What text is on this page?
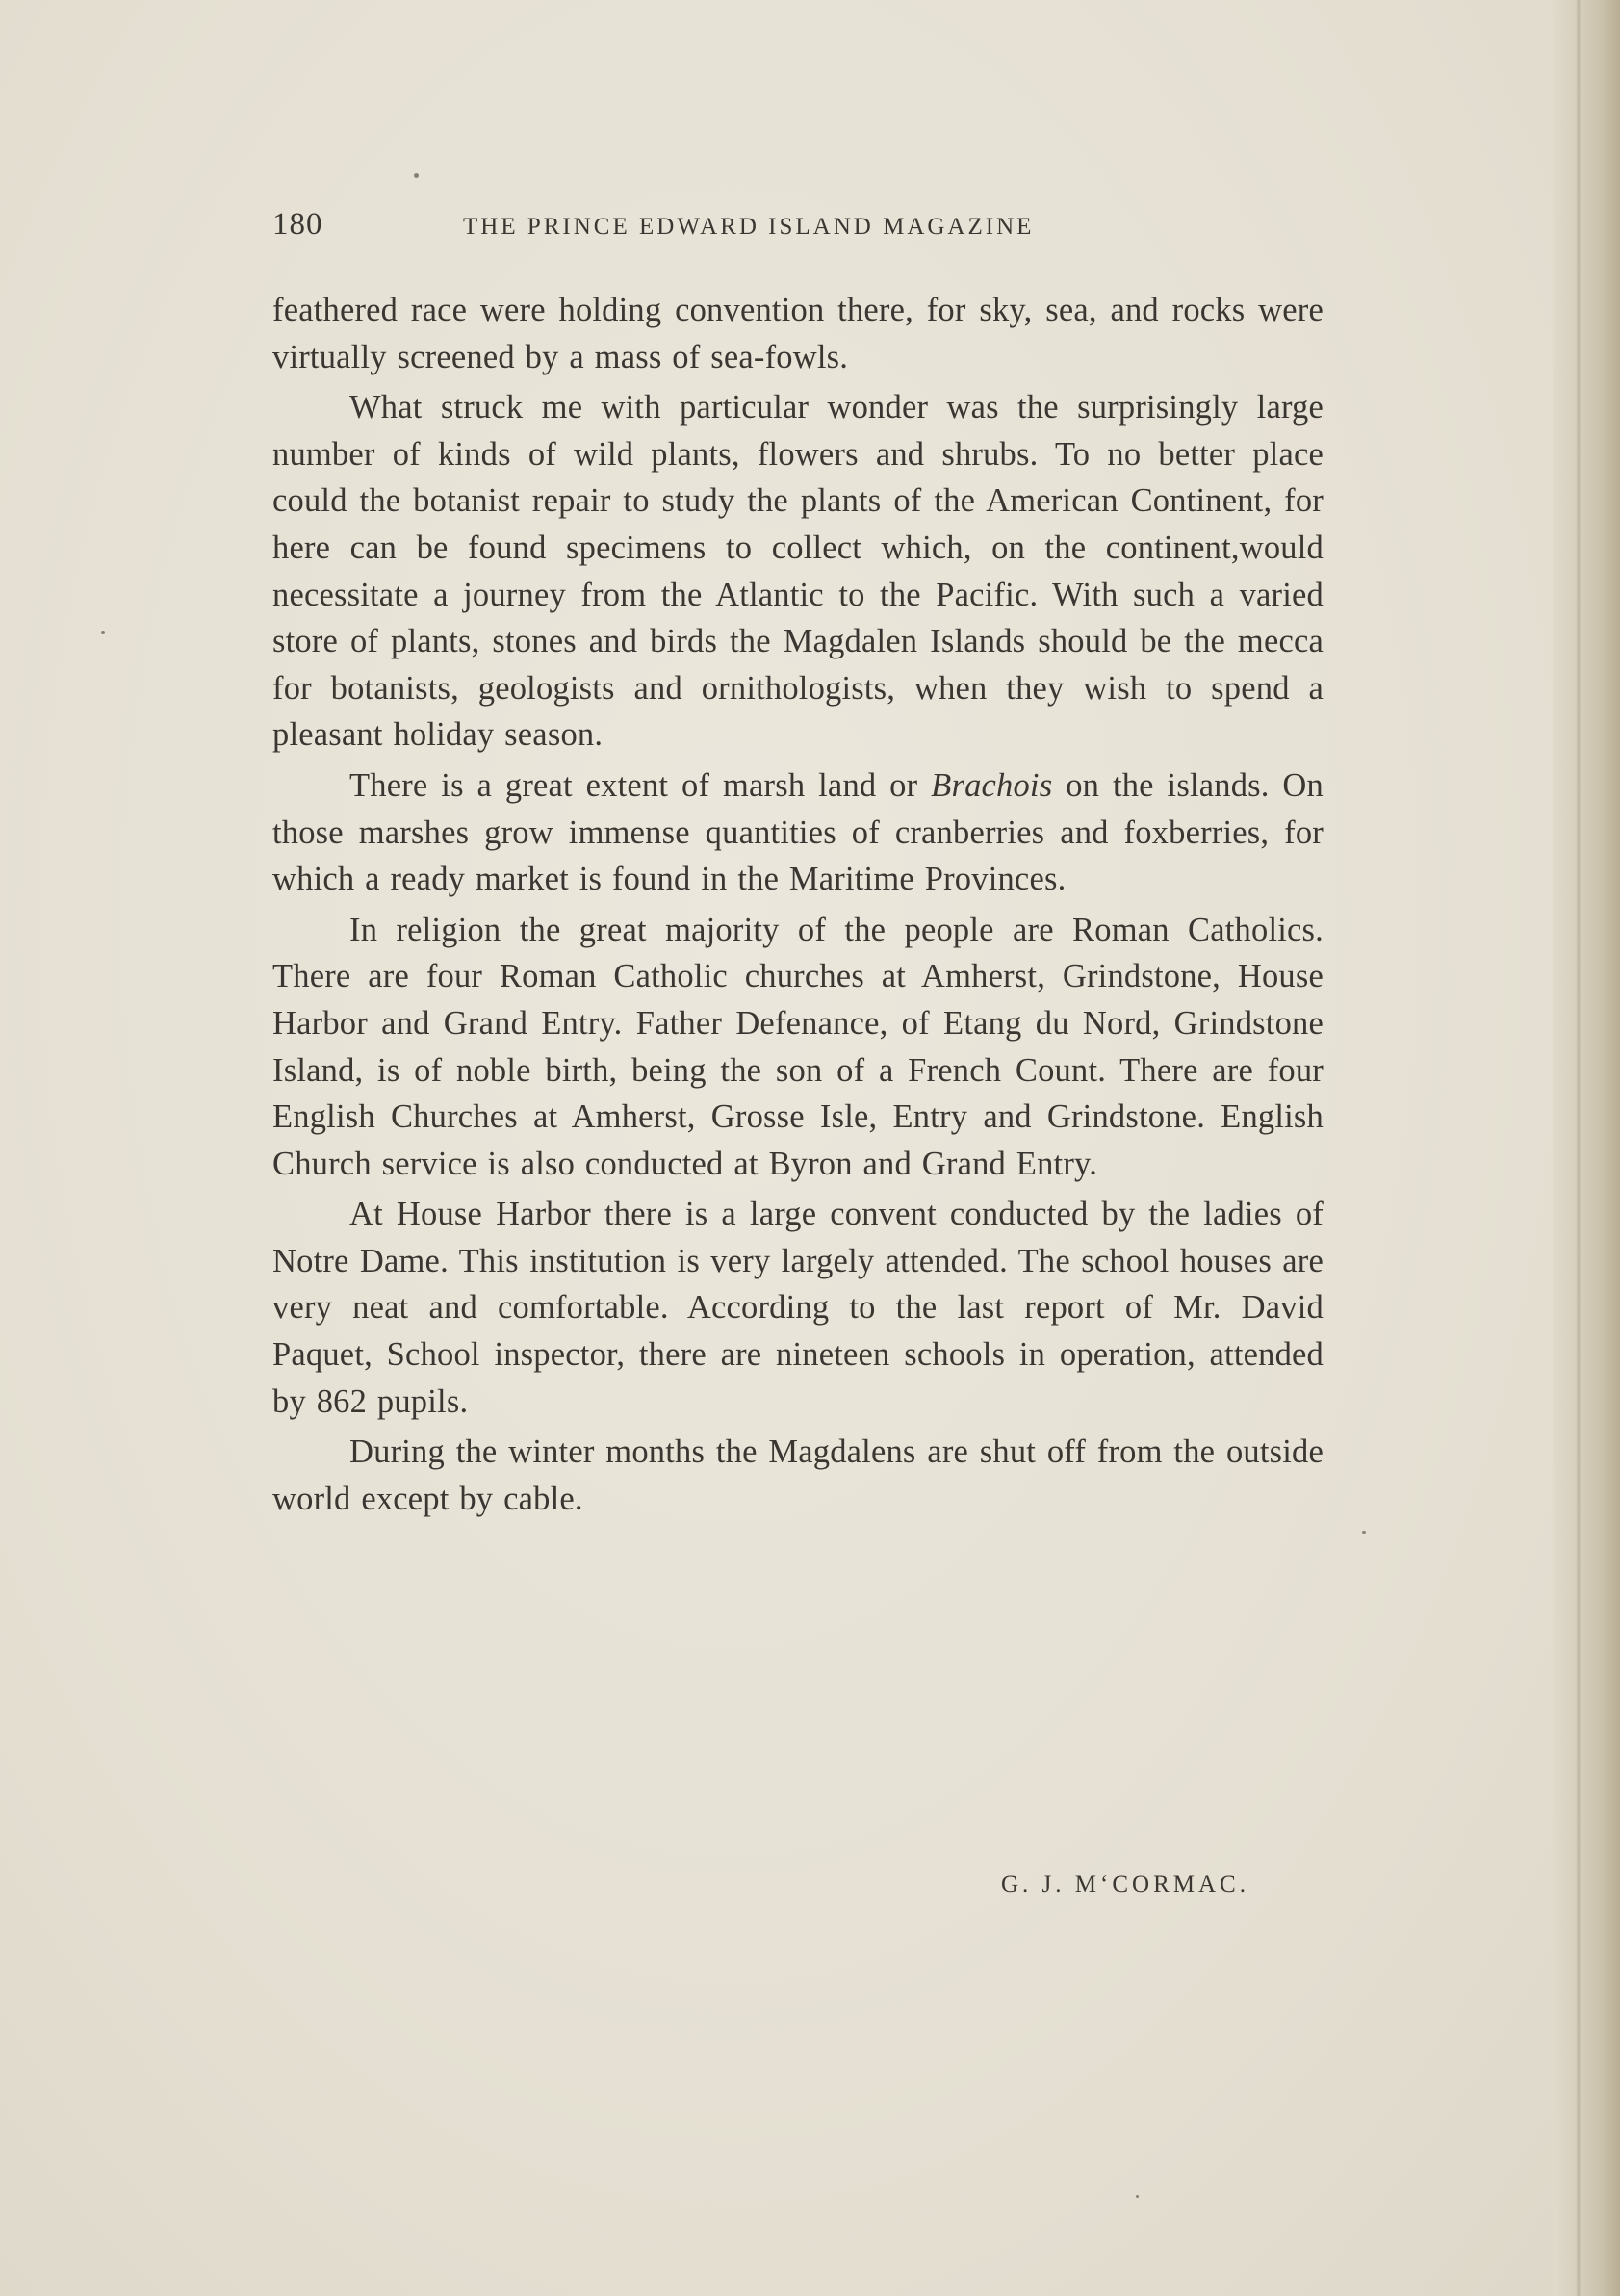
180	THE PRINCE EDWARD ISLAND MAGAZINE

feathered race were holding convention there, for sky, sea, and rocks were virtually screened by a mass of sea-fowls.

What struck me with particular wonder was the surprisingly large number of kinds of wild plants, flowers and shrubs. To no better place could the botanist repair to study the plants of the American Continent, for here can be found specimens to collect which, on the continent,would necessitate a journey from the Atlantic to the Pacific. With such a varied store of plants, stones and birds the Magdalen Islands should be the mecca for botanists, geologists and ornithologists, when they wish to spend a pleasant holiday season.

There is a great extent of marsh land or Brachois on the islands. On those marshes grow immense quantities of cranberries and foxberries, for which a ready market is found in the Maritime Provinces.

In religion the great majority of the people are Roman Catholics. There are four Roman Catholic churches at Amherst, Grindstone, House Harbor and Grand Entry. Father Defenance, of Etang du Nord, Grindstone Island, is of noble birth, being the son of a French Count. There are four English Churches at Amherst, Grosse Isle, Entry and Grindstone. English Church service is also conducted at Byron and Grand Entry.

At House Harbor there is a large convent conducted by the ladies of Notre Dame. This institution is very largely attended. The school houses are very neat and comfortable. According to the last report of Mr. David Paquet, School inspector, there are nineteen schools in operation, attended by 862 pupils.

During the winter months the Magdalens are shut off from the outside world except by cable.

G. J. M‘CORMAC.
